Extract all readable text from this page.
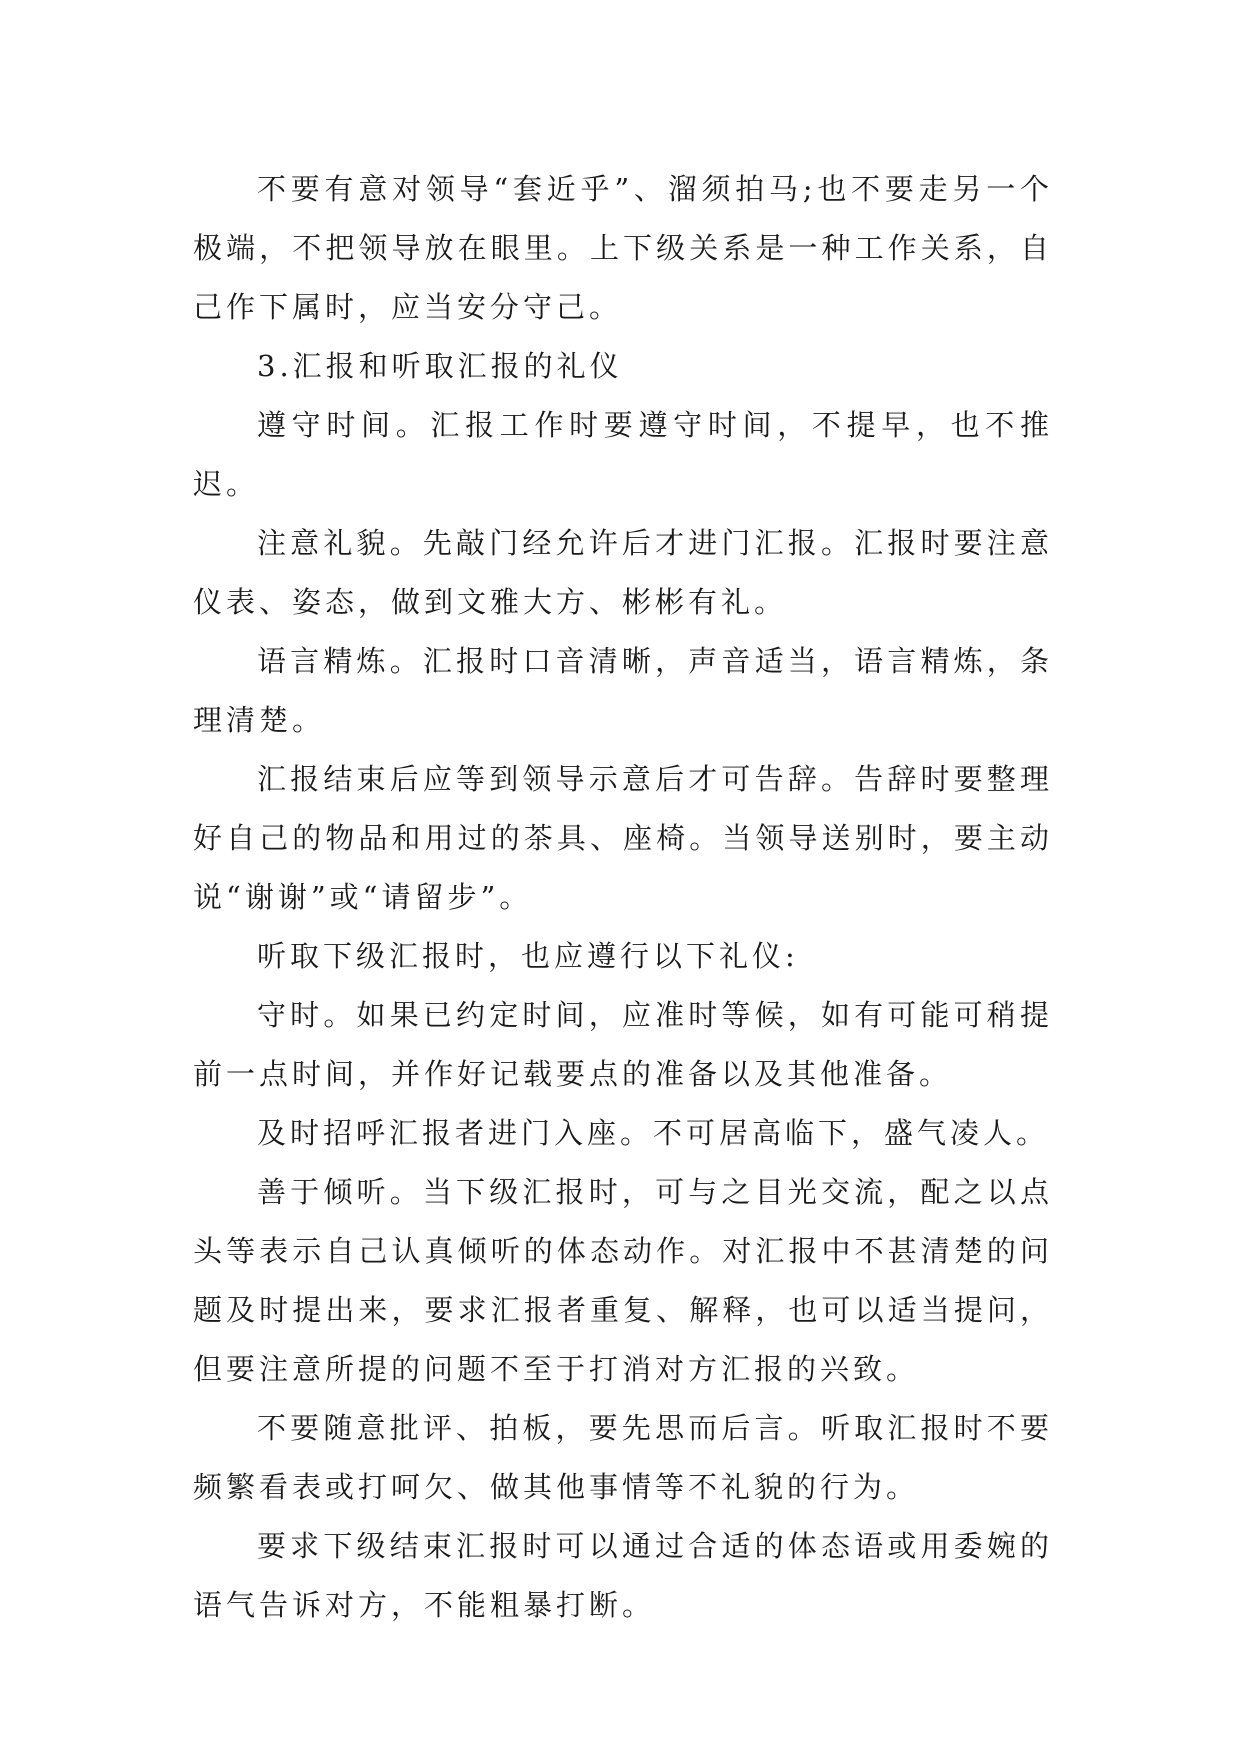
不要有意对领导“套近乎”、溜须拍马;也不要走另一个极端，不把领导放在眼里。上下级关系是一种工作关系，自己作下属时，应当安分守己。

3.汇报和听取汇报的礼仪

遵守时间。汇报工作时要遵守时间，不提早，也不推迟。

注意礼貌。先敲门经允许后才进门汇报。汇报时要注意仪表、姿态，做到文雅大方、彬彬有礼。

语言精炼。汇报时口音清晰，声音适当，语言精炼，条理清楚。

汇报结束后应等到领导示意后才可告辞。告辞时要整理好自己的物品和用过的茶具、座椅。当领导送别时，要主动说“谢谢”或“请留步”。

听取下级汇报时，也应遵行以下礼仪:

守时。如果已约定时间，应准时等候，如有可能可稍提前一点时间，并作好记载要点的准备以及其他准备。

及时招呼汇报者进门入座。不可居高临下，盛气凌人。

善于倾听。当下级汇报时，可与之目光交流，配之以点头等表示自己认真倾听的体态动作。对汇报中不甚清楚的问题及时提出来，要求汇报者重复、解释，也可以适当提问，但要注意所提的问题不至于打消对方汇报的兴致。

不要随意批评、拍板，要先思而后言。听取汇报时不要频繁看表或打呵欠、做其他事情等不礼貌的行为。

要求下级结束汇报时可以通过合适的体态语或用委婉的语气告诉对方，不能粗暴打断。
